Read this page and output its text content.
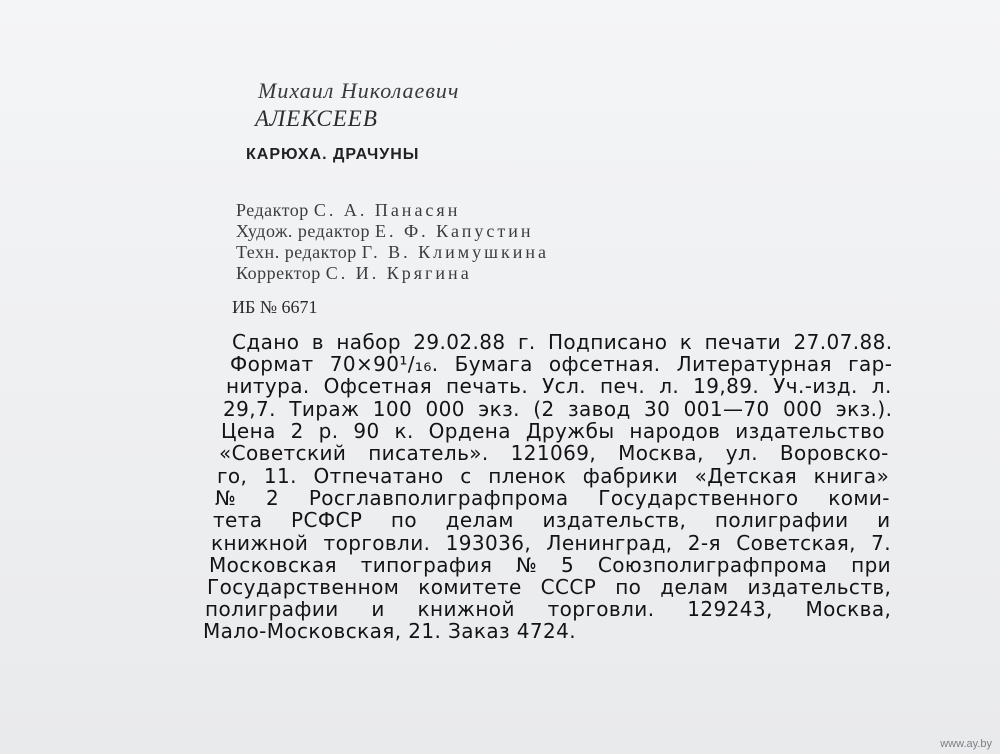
Михаил Николаевич

АЛЕКСЕЕВ

КАРЮХА. ДРАЧУНЫ

Редактор С. А. Панасян
Худож. редактор Е. Ф. Капустин
Техн. редактор Г. В. Климушкина
Корректор С. И. Крягина

ИБ № 6671

Сдано в набор 29.02.88 г. Подписано к печати 27.07.88.
Формат 70×90¹/₁₆. Бумага офсетная. Литературная гар-
нитура. Офсетная печать. Усл. печ. л. 19,89. Уч.-изд. л.
29,7. Тираж 100 000 экз. (2 завод 30 001—70 000 экз.).
Цена 2 р. 90 к. Ордена Дружбы народов издательство
«Советский писатель». 121069, Москва, ул. Воровско-
го, 11. Отпечатано с пленок фабрики «Детская книга»
№ 2 Росглавполиграфпрома Государственного коми-
тета РСФСР по делам издательств, полиграфии и
книжной торговли. 193036, Ленинград, 2-я Советская, 7.
Московская типография № 5 Союзполиграфпрома при
Государственном комитете СССР по делам издательств,
полиграфии и книжной торговли. 129243, Москва,
Мало-Московская, 21. Заказ 4724.
www.ay.by
